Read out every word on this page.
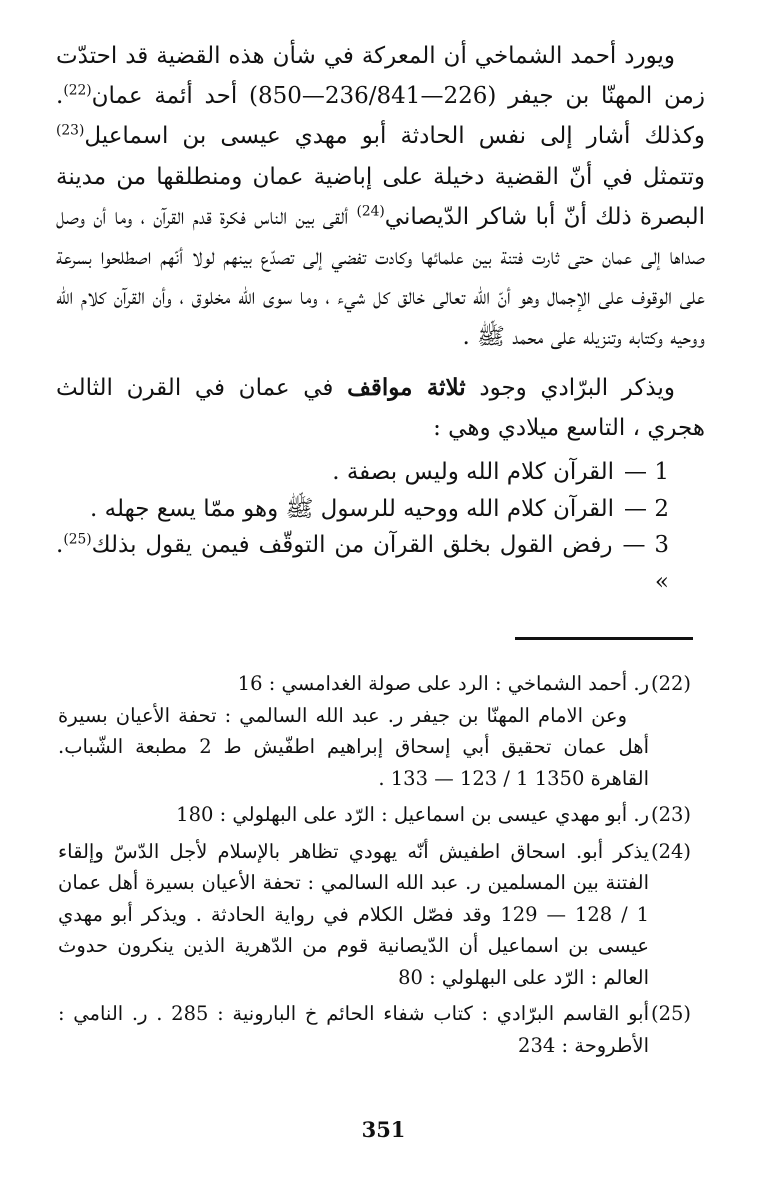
ويورد أحمد الشماخي أن المعركة في شأن هذه القضية قد احتدّت زمن المهنّا بن جيفر (226—236/841—850) أحد أئمة عمان$^{(22)}$. وكذلك أشار إلى نفس الحادثة أبو مهدي عيسى بن اسماعيل$^{(23)}$ وتتمثل في أنّ القضية دخيلة على إباضية عمان ومنطلقها من مدينة البصرة ذلك أنّ أبا شاكر الدّيصاني$^{(24)}$ ألقى بين الناس فكرة قدم القرآن ، وما أن وصل صداها إلى عمان حتى ثارت فتنة بين علمائها وكادت تفضي إلى تصدّع بينهم لولا أنّهم اصطلحوا بسرعة على الوقوف على الإجمال وهو أنّ الله تعالى خالق كل شيء ، وما سوى الله مخلوق ، وأن القرآن كلام الله ووحيه وكتابه وتنزيله على محمد ﷺ .

ويذكر البرّادي وجود ثلاثة مواقف في عمان في القرن الثالث هجري ، التاسع ميلادي وهي :

1 —القرآن كلام الله وليس بصفة .
2 —القرآن كلام الله ووحيه للرسول ﷺ وهو ممّا يسع جهله .
3 —رفض القول بخلق القرآن من التوقّف فيمن يقول بذلك$^{(25)}$. »
(22)

ر. أحمد الشماخي : الرد على صولة الغدامسي : 16

وعن الامام المهنّا بن جيفر ر. عبد الله السالمي : تحفة الأعيان بسيرة أهل عمان تحقيق أبي إسحاق إبراهيم اطفّيش ط 2 مطبعة الشّباب. القاهرة 1350 1 / 123 — 133 .

(23)

ر. أبو مهدي عيسى بن اسماعيل : الرّد على البهلولي : 180

(24)

يذكر أبو. اسحاق اطفيش أنّه يهودي تظاهر بالإسلام لأجل الدّسّ وإلقاء الفتنة بين المسلمين ر. عبد الله السالمي : تحفة الأعيان بسيرة أهل عمان 1 / 128 — 129 وقد فصّل الكلام في رواية الحادثة . ويذكر أبو مهدي عيسى بن اسماعيل أن الدّيصانية قوم من الدّهرية الذين ينكرون حدوث العالم : الرّد على البهلولي : 80

(25)

أبو القاسم البرّادي : كتاب شفاء الحائم خ البارونية : 285 . ر. النامي : الأطروحة : 234

351
